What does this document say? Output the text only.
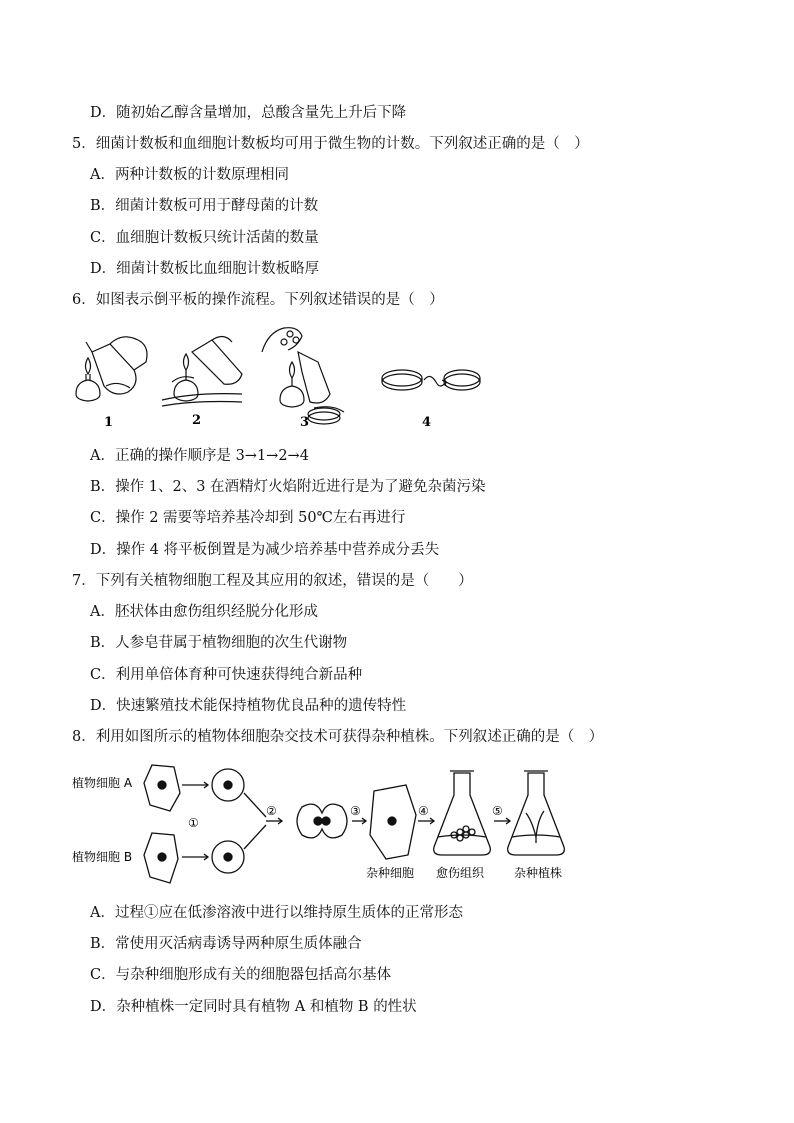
D．随初始乙醇含量增加，总酸含量先上升后下降
5．细菌计数板和血细胞计数板均可用于微生物的计数。下列叙述正确的是（　）
A．两种计数板的计数原理相同
B．细菌计数板可用于酵母菌的计数
C．血细胞计数板只统计活菌的数量
D．细菌计数板比血细胞计数板略厚
6．如图表示倒平板的操作流程。下列叙述错误的是（　）
1	2	3	4
A．正确的操作顺序是 3→1→2→4
B．操作 1、2、3 在酒精灯火焰附近进行是为了避免杂菌污染
C．操作 2 需要等培养基冷却到 50℃左右再进行
D．操作 4 将平板倒置是为减少培养基中营养成分丢失
7．下列有关植物细胞工程及其应用的叙述，错误的是（　　）
A．胚状体由愈伤组织经脱分化形成
B．人参皂苷属于植物细胞的次生代谢物
C．利用单倍体育种可快速获得纯合新品种
D．快速繁殖技术能保持植物优良品种的遗传特性
8．利用如图所示的植物体细胞杂交技术可获得杂种植株。下列叙述正确的是（　）
植物细胞 A
植物细胞 B
①
②	③	④	⑤
杂种细胞 愈伤组织 杂种植株
A．过程①应在低渗溶液中进行以维持原生质体的正常形态
B．常使用灭活病毒诱导两种原生质体融合
C．与杂种细胞形成有关的细胞器包括高尔基体
D．杂种植株一定同时具有植物 A 和植物 B 的性状
